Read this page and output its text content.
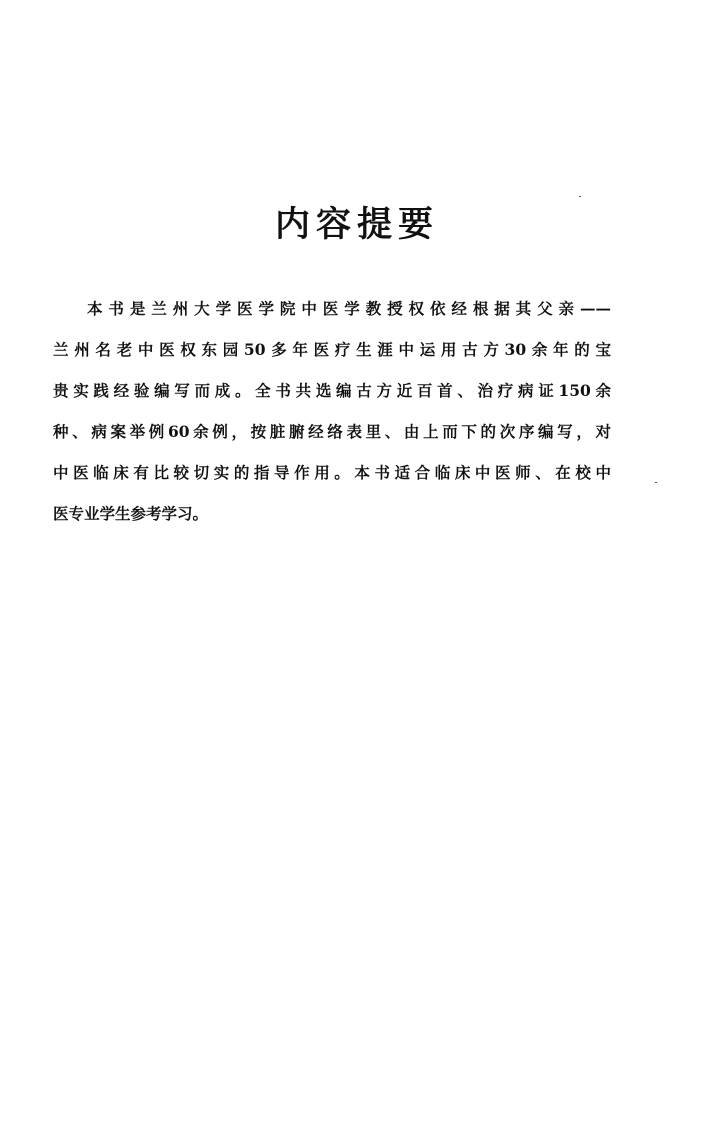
内容提要
本书是兰州大学医学院中医学教授权依经根据其父亲——
兰州名老中医权东园50多年医疗生涯中运用古方30余年的宝
贵实践经验编写而成。全书共选编古方近百首、治疗病证150余
种、病案举例60余例，按脏腑经络表里、由上而下的次序编写，对
中医临床有比较切实的指导作用。本书适合临床中医师、在校中
医专业学生参考学习。
